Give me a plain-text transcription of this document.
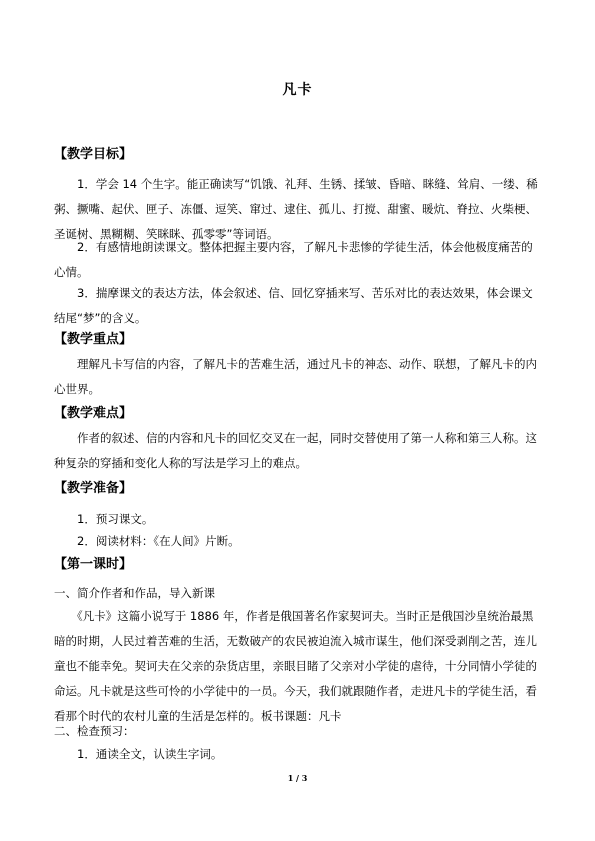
凡卡
【教学目标】

　　1．学会 14 个生字。能正确读写“饥饿、礼拜、生锈、揉皱、昏暗、眯缝、耸肩、一缕、稀粥、撅嘴、起伏、匣子、冻僵、逗笑、窜过、逮住、孤儿、打搅、甜蜜、暖炕、脊拉、火柴梗、圣诞树、黑糊糊、笑眯眯、孤零零”等词语。

　　2．有感情地朗读课文。整体把握主要内容，了解凡卡悲惨的学徒生活，体会他极度痛苦的心情。

　　3．揣摩课文的表达方法，体会叙述、信、回忆穿插来写、苦乐对比的表达效果，体会课文结尾“梦”的含义。

【教学重点】

　　理解凡卡写信的内容，了解凡卡的苦难生活，通过凡卡的神态、动作、联想，了解凡卡的内心世界。

【教学难点】

　　作者的叙述、信的内容和凡卡的回忆交叉在一起，同时交替使用了第一人称和第三人称。这种复杂的穿插和变化人称的写法是学习上的难点。

【教学准备】

　　1．预习课文。

　　2．阅读材料：《在人间》片断。

【第一课时】

一、简介作者和作品，导入新课

　　《凡卡》这篇小说写于 1886 年，作者是俄国著名作家契诃夫。当时正是俄国沙皇统治最黑暗的时期，人民过着苦难的生活，无数破产的农民被迫流入城市谋生，他们深受剥削之苦，连儿童也不能幸免。契诃夫在父亲的杂货店里，亲眼目睹了父亲对小学徒的虐待，十分同情小学徒的命运。凡卡就是这些可怜的小学徒中的一员。今天，我们就跟随作者，走进凡卡的学徒生活，看看那个时代的农村儿童的生活是怎样的。板书课题：凡卡

二、检查预习：

　　1．通读全文，认读生字词。

1 / 3
